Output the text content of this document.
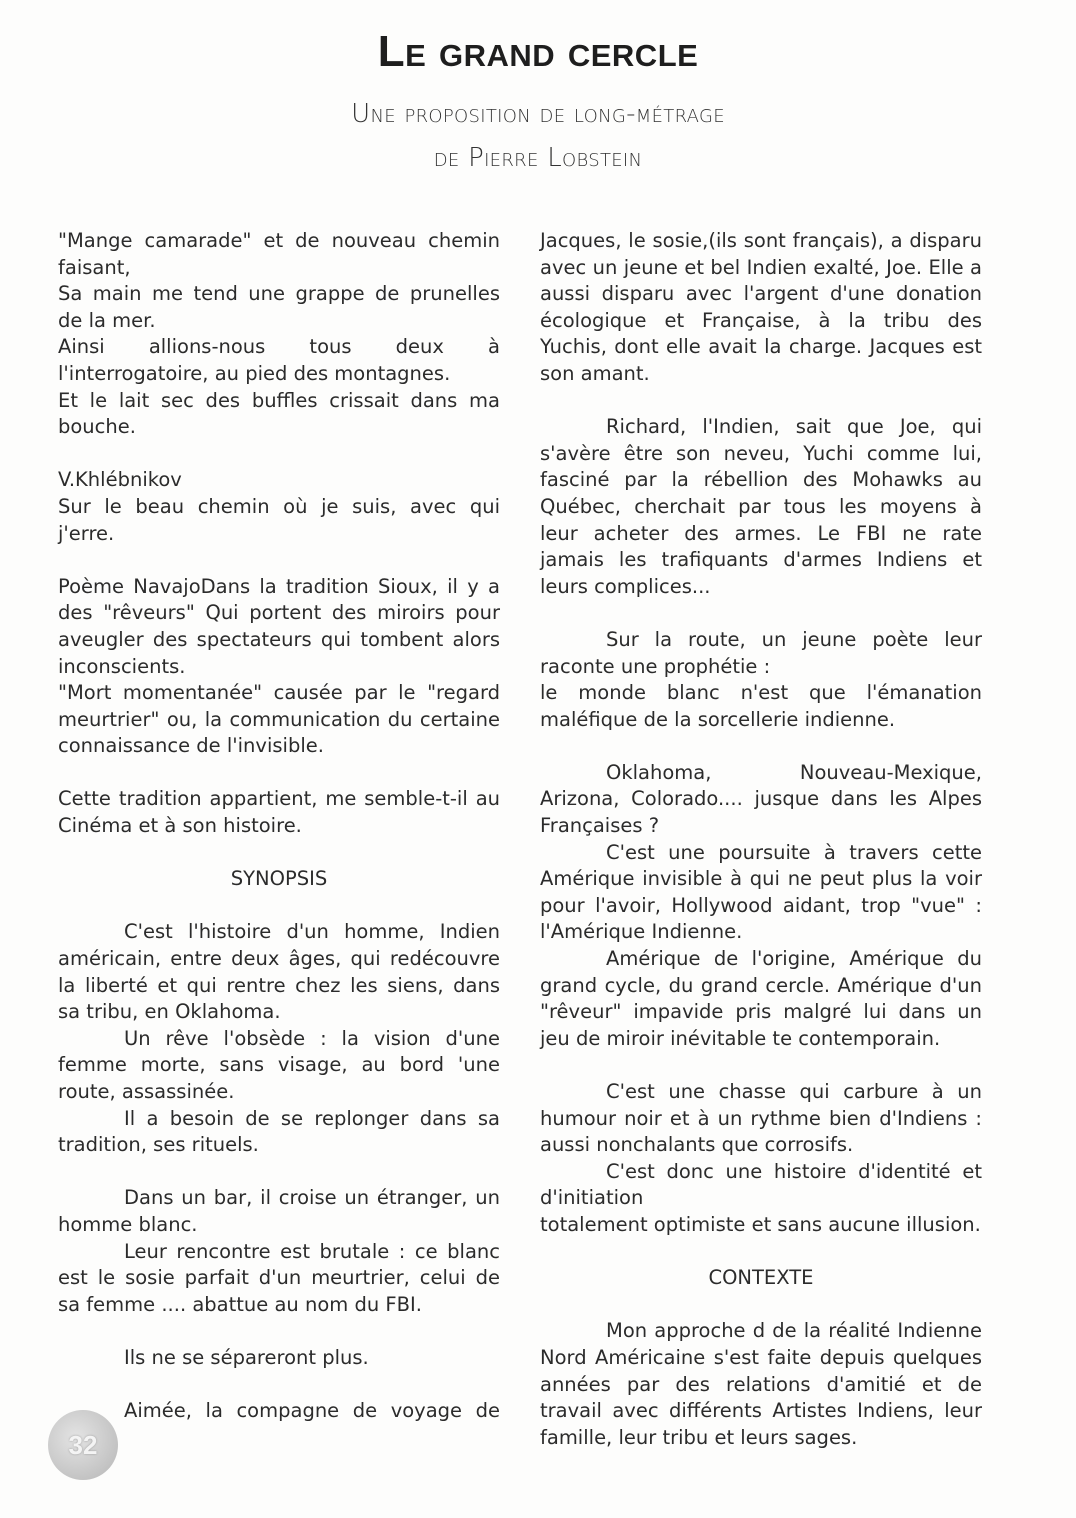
Le grand cercle
Une proposition de long-métrage
de Pierre Lobstein

"Mange camarade" et de nouveau chemin faisant,

Sa main me tend une grappe de prunelles de la mer.

Ainsi allions-nous tous deux à l'interrogatoire, au pied des montagnes.

Et le lait sec des buffles crissait dans ma bouche.

V.Khlébnikov

Sur le beau chemin où je suis, avec qui j'erre.

Poème NavajoDans la tradition Sioux, il y a des "rêveurs" Qui portent des miroirs pour aveugler des spectateurs qui tombent alors inconscients.

"Mort momentanée" causée par le "regard meurtrier" ou, la communication du certaine connaissance de l'invisible.

Cette tradition appartient, me semble-t-il au Cinéma et à son histoire.

SYNOPSIS

C'est l'histoire d'un homme, Indien américain, entre deux âges, qui redécouvre la liberté et qui rentre chez les siens, dans sa tribu, en Oklahoma.

Un rêve l'obsède : la vision d'une femme morte, sans visage, au bord 'une route, assassinée.

Il a besoin de se replonger dans sa tradition, ses rituels.

Dans un bar, il croise un étranger, un homme blanc.

Leur rencontre est brutale : ce blanc est le sosie parfait d'un meurtrier, celui de sa femme .... abattue au nom du FBI.

Ils ne se sépareront plus.

Aimée, la compagne de voyage de

Jacques, le sosie,(ils sont français), a disparu avec un jeune et bel Indien exalté, Joe. Elle a aussi disparu avec l'argent d'une donation écologique et Française, à la tribu des Yuchis, dont elle avait la charge. Jacques est son amant.

Richard, l'Indien, sait que Joe, qui s'avère être son neveu, Yuchi comme lui, fasciné par la rébellion des Mohawks au Québec, cherchait par tous les moyens à leur acheter des armes. Le FBI ne rate jamais les trafiquants d'armes Indiens et leurs complices...

Sur la route, un jeune poète leur raconte une prophétie :

le monde blanc n'est que l'émanation maléfique de la sorcellerie indienne.

Oklahoma, Nouveau-Mexique, Arizona, Colorado.... jusque dans les Alpes Françaises ?

C'est une poursuite à travers cette Amérique invisible à qui ne peut plus la voir pour l'avoir, Hollywood aidant, trop "vue" : l'Amérique Indienne.

Amérique de l'origine, Amérique du grand cycle, du grand cercle. Amérique d'un "rêveur" impavide pris malgré lui dans un jeu de miroir inévitable te contemporain.

C'est une chasse qui carbure à un humour noir et à un rythme bien d'Indiens : aussi nonchalants que corrosifs.

C'est donc une histoire d'identité et d'initiation

totalement optimiste et sans aucune illusion.

CONTEXTE

Mon approche d de la réalité Indienne Nord Américaine s'est faite depuis quelques années par des relations d'amitié et de travail avec différents Artistes Indiens, leur famille, leur tribu et leurs sages.

32
